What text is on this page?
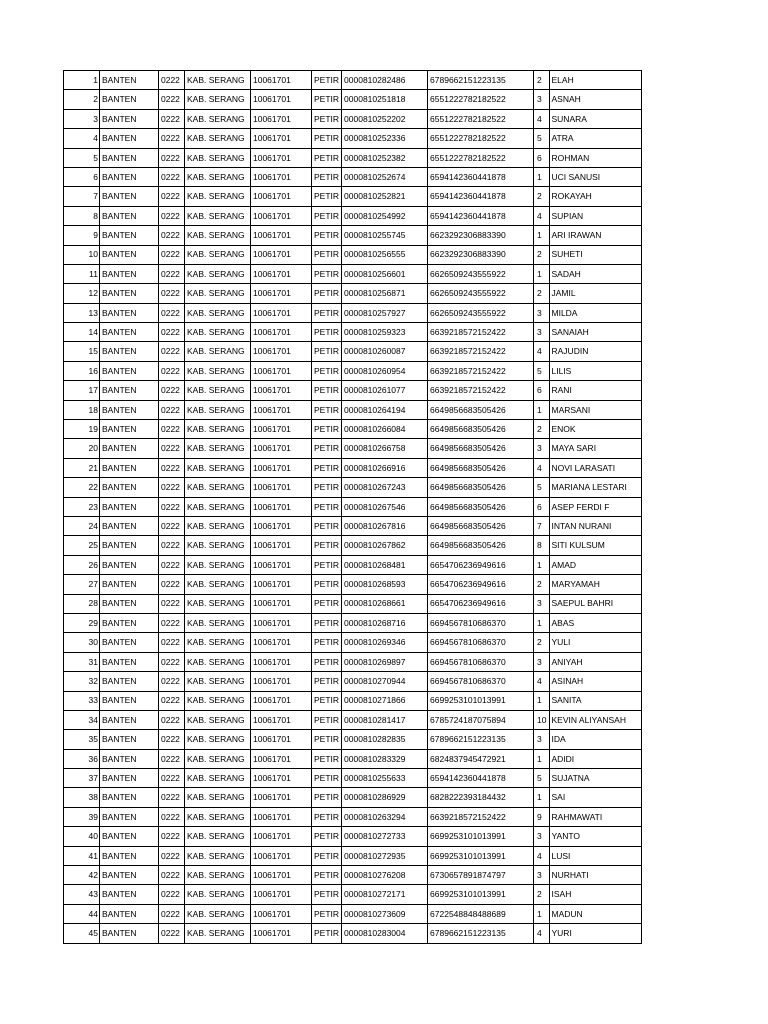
1	BANTEN	0222	KAB. SERANG	10061701	PETIR	0000810282486	6789662151223135	2	ELAH
2	BANTEN	0222	KAB. SERANG	10061701	PETIR	0000810251818	6551222782182522	3	ASNAH
3	BANTEN	0222	KAB. SERANG	10061701	PETIR	0000810252202	6551222782182522	4	SUNARA
4	BANTEN	0222	KAB. SERANG	10061701	PETIR	0000810252336	6551222782182522	5	ATRA
5	BANTEN	0222	KAB. SERANG	10061701	PETIR	0000810252382	6551222782182522	6	ROHMAN
6	BANTEN	0222	KAB. SERANG	10061701	PETIR	0000810252674	6594142360441878	1	UCI SANUSI
7	BANTEN	0222	KAB. SERANG	10061701	PETIR	0000810252821	6594142360441878	2	ROKAYAH
8	BANTEN	0222	KAB. SERANG	10061701	PETIR	0000810254992	6594142360441878	4	SUPIAN
9	BANTEN	0222	KAB. SERANG	10061701	PETIR	0000810255745	6623292306883390	1	ARI IRAWAN
10	BANTEN	0222	KAB. SERANG	10061701	PETIR	0000810256555	6623292306883390	2	SUHETI
11	BANTEN	0222	KAB. SERANG	10061701	PETIR	0000810256601	6626509243555922	1	SADAH
12	BANTEN	0222	KAB. SERANG	10061701	PETIR	0000810256871	6626509243555922	2	JAMIL
13	BANTEN	0222	KAB. SERANG	10061701	PETIR	0000810257927	6626509243555922	3	MILDA
14	BANTEN	0222	KAB. SERANG	10061701	PETIR	0000810259323	6639218572152422	3	SANAIAH
15	BANTEN	0222	KAB. SERANG	10061701	PETIR	0000810260087	6639218572152422	4	RAJUDIN
16	BANTEN	0222	KAB. SERANG	10061701	PETIR	0000810260954	6639218572152422	5	LILIS
17	BANTEN	0222	KAB. SERANG	10061701	PETIR	0000810261077	6639218572152422	6	RANI
18	BANTEN	0222	KAB. SERANG	10061701	PETIR	0000810264194	6649856683505426	1	MARSANI
19	BANTEN	0222	KAB. SERANG	10061701	PETIR	0000810266084	6649856683505426	2	ENOK
20	BANTEN	0222	KAB. SERANG	10061701	PETIR	0000810266758	6649856683505426	3	MAYA SARI
21	BANTEN	0222	KAB. SERANG	10061701	PETIR	0000810266916	6649856683505426	4	NOVI LARASATI
22	BANTEN	0222	KAB. SERANG	10061701	PETIR	0000810267243	6649856683505426	5	MARIANA LESTARI
23	BANTEN	0222	KAB. SERANG	10061701	PETIR	0000810267546	6649856683505426	6	ASEP FERDI F
24	BANTEN	0222	KAB. SERANG	10061701	PETIR	0000810267816	6649856683505426	7	INTAN NURANI
25	BANTEN	0222	KAB. SERANG	10061701	PETIR	0000810267862	6649856683505426	8	SITI KULSUM
26	BANTEN	0222	KAB. SERANG	10061701	PETIR	0000810268481	6654706236949616	1	AMAD
27	BANTEN	0222	KAB. SERANG	10061701	PETIR	0000810268593	6654706236949616	2	MARYAMAH
28	BANTEN	0222	KAB. SERANG	10061701	PETIR	0000810268661	6654706236949616	3	SAEPUL BAHRI
29	BANTEN	0222	KAB. SERANG	10061701	PETIR	0000810268716	6694567810686370	1	ABAS
30	BANTEN	0222	KAB. SERANG	10061701	PETIR	0000810269346	6694567810686370	2	YULI
31	BANTEN	0222	KAB. SERANG	10061701	PETIR	0000810269897	6694567810686370	3	ANIYAH
32	BANTEN	0222	KAB. SERANG	10061701	PETIR	0000810270944	6694567810686370	4	ASINAH
33	BANTEN	0222	KAB. SERANG	10061701	PETIR	0000810271866	6699253101013991	1	SANITA
34	BANTEN	0222	KAB. SERANG	10061701	PETIR	0000810281417	6785724187075894	10	KEVIN ALIYANSAH
35	BANTEN	0222	KAB. SERANG	10061701	PETIR	0000810282835	6789662151223135	3	IDA
36	BANTEN	0222	KAB. SERANG	10061701	PETIR	0000810283329	6824837945472921	1	ADIDI
37	BANTEN	0222	KAB. SERANG	10061701	PETIR	0000810255633	6594142360441878	5	SUJATNA
38	BANTEN	0222	KAB. SERANG	10061701	PETIR	0000810286929	6828222393184432	1	SAI
39	BANTEN	0222	KAB. SERANG	10061701	PETIR	0000810263294	6639218572152422	9	RAHMAWATI
40	BANTEN	0222	KAB. SERANG	10061701	PETIR	0000810272733	6699253101013991	3	YANTO
41	BANTEN	0222	KAB. SERANG	10061701	PETIR	0000810272935	6699253101013991	4	LUSI
42	BANTEN	0222	KAB. SERANG	10061701	PETIR	0000810276208	6730657891874797	3	NURHATI
43	BANTEN	0222	KAB. SERANG	10061701	PETIR	0000810272171	6699253101013991	2	ISAH
44	BANTEN	0222	KAB. SERANG	10061701	PETIR	0000810273609	6722548848488689	1	MADUN
45	BANTEN	0222	KAB. SERANG	10061701	PETIR	0000810283004	6789662151223135	4	YURI
